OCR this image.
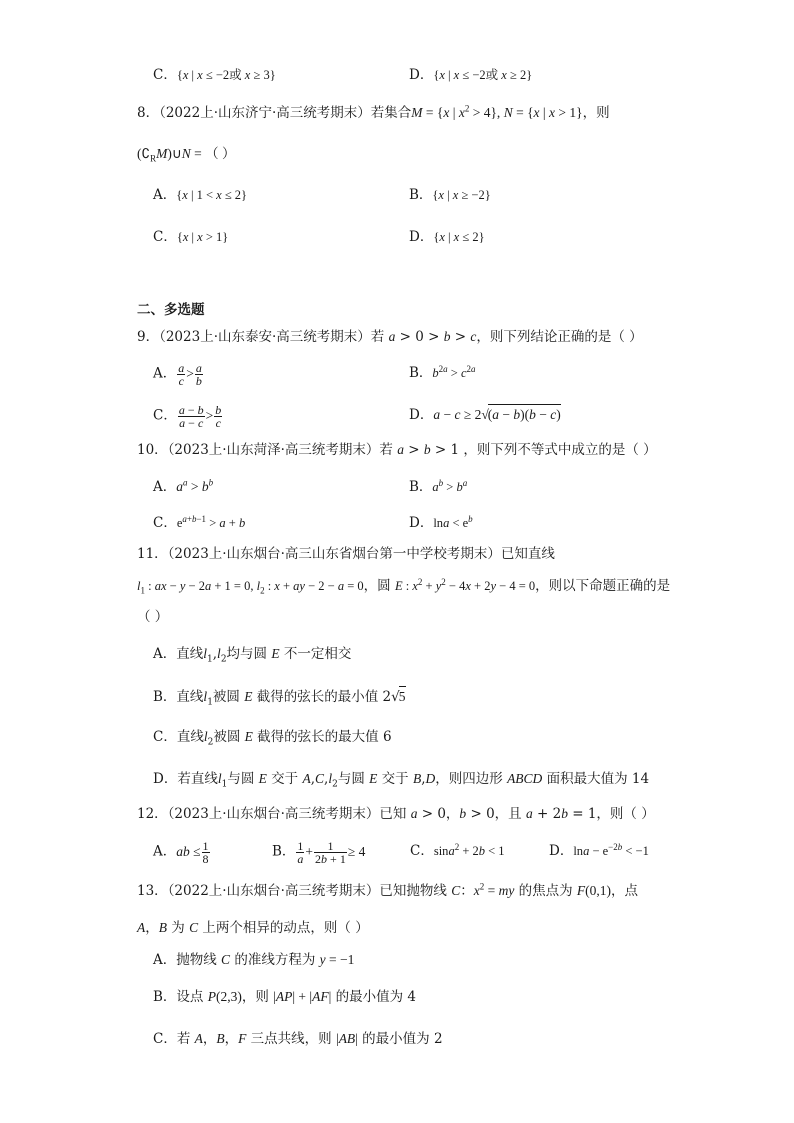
C．{x | x ≤ −2或 x ≥ 3}	D．{x | x ≤ −2或 x ≥ 2}
8．（2022上·山东济宁·高三统考期末）若集合M = {x | $x^2 > 4$}, N = {x | x > 1}，则
$(∁_RM)\cup N$ = （ ）
A．{x | 1 < x ≤ 2}	B．{x | x ≥ −2}
C．{x | x > 1}	D．{x | x ≤ 2}
二、多选题
9．（2023上·山东泰安·高三统考期末）若 a > 0 > b > c，则下列结论正确的是（ ）
A． $\frac{a}{c} > \frac{a}{b}$	B．$b^{2a} > c^{2a}$
C． $\frac{a - b}{a - c} > \frac{b}{c}$	D．a − c ≥ 2√(a − b)(b − c)
10．（2023上·山东菏泽·高三统考期末）若 a > b > 1 ，则下列不等式中成立的是（ ）
A．$a^a > b^b$	B．$a^b > b^a$
C．$e^{a+b-1} > a + b$	D．$\ln a < e^b$
11．（2023上·山东烟台·高三山东省烟台第一中学校考期末）已知直线
$l_1$ : ax − y − 2a + 1 = 0, $l_2$ : x + ay − 2 − a = 0，圆 E : $x^2 + y^2 - 4x + 2y - 4 = 0$，则以下命题正确的是
（ ）
A．直线$l_1,l_2$均与圆 E 不一定相交
B．直线$l_1$被圆 E 截得的弦长的最小值 2√5
C．直线$l_2$被圆 E 截得的弦长的最大值 6
D．若直线$l_1$与圆 E 交于 $A,C,l_2$与圆 E 交于 B,D，则四边形 ABCD 面积最大值为 14
12．（2023上·山东烟台·高三统考期末）已知 a > 0，b > 0，且 a + 2b = 1，则（ ）
A．ab ≤ $\frac{1}{8}$	B． $\frac{1}{a} + \frac{1}{2b + 1} \ge 4$	C．sina$^2$ + 2b < 1	D．$\ln a - e^{-2b} < -1$
13．（2022上·山东烟台·高三统考期末）已知抛物线 C：$x^2$ = my 的焦点为 F(0,1)，点
A，B 为 C 上两个相异的动点，则（ ）
A．抛物线 C 的准线方程为 y = −1
B．设点 P(2,3)，则 |AP| + |AF| 的最小值为 4
C．若 A，B，F 三点共线，则 |AB| 的最小值为 2
